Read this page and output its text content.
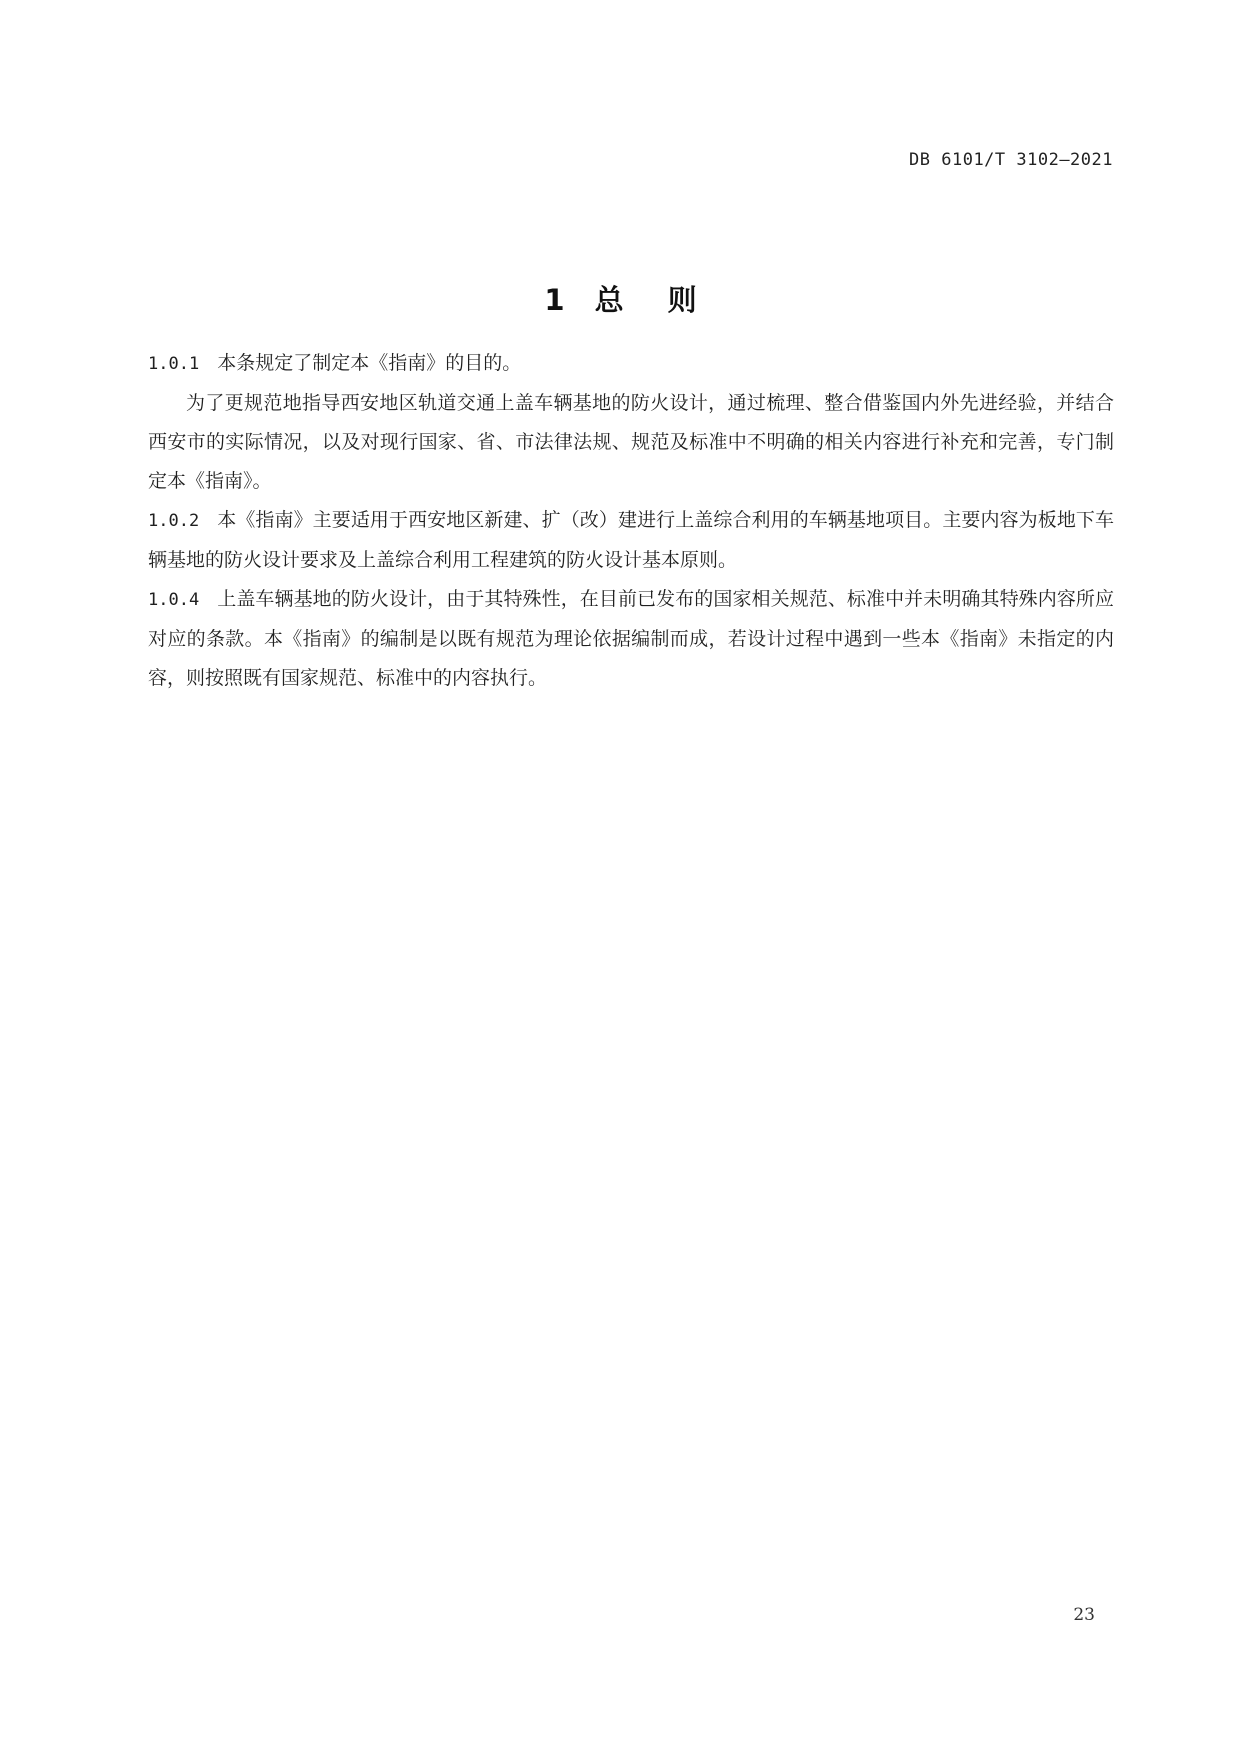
DB 6101/T 3102—2021
1 总则

1.0.1 本条规定了制定本《指南》的目的。

为了更规范地指导西安地区轨道交通上盖车辆基地的防火设计，通过梳理、整合借鉴国内外先进经验，并结合西安市的实际情况，以及对现行国家、省、市法律法规、规范及标准中不明确的相关内容进行补充和完善，专门制定本《指南》。

1.0.2 本《指南》主要适用于西安地区新建、扩（改）建进行上盖综合利用的车辆基地项目。主要内容为板地下车辆基地的防火设计要求及上盖综合利用工程建筑的防火设计基本原则。

1.0.4 上盖车辆基地的防火设计，由于其特殊性，在目前已发布的国家相关规范、标准中并未明确其特殊内容所应对应的条款。本《指南》的编制是以既有规范为理论依据编制而成，若设计过程中遇到一些本《指南》未指定的内容，则按照既有国家规范、标准中的内容执行。

23
